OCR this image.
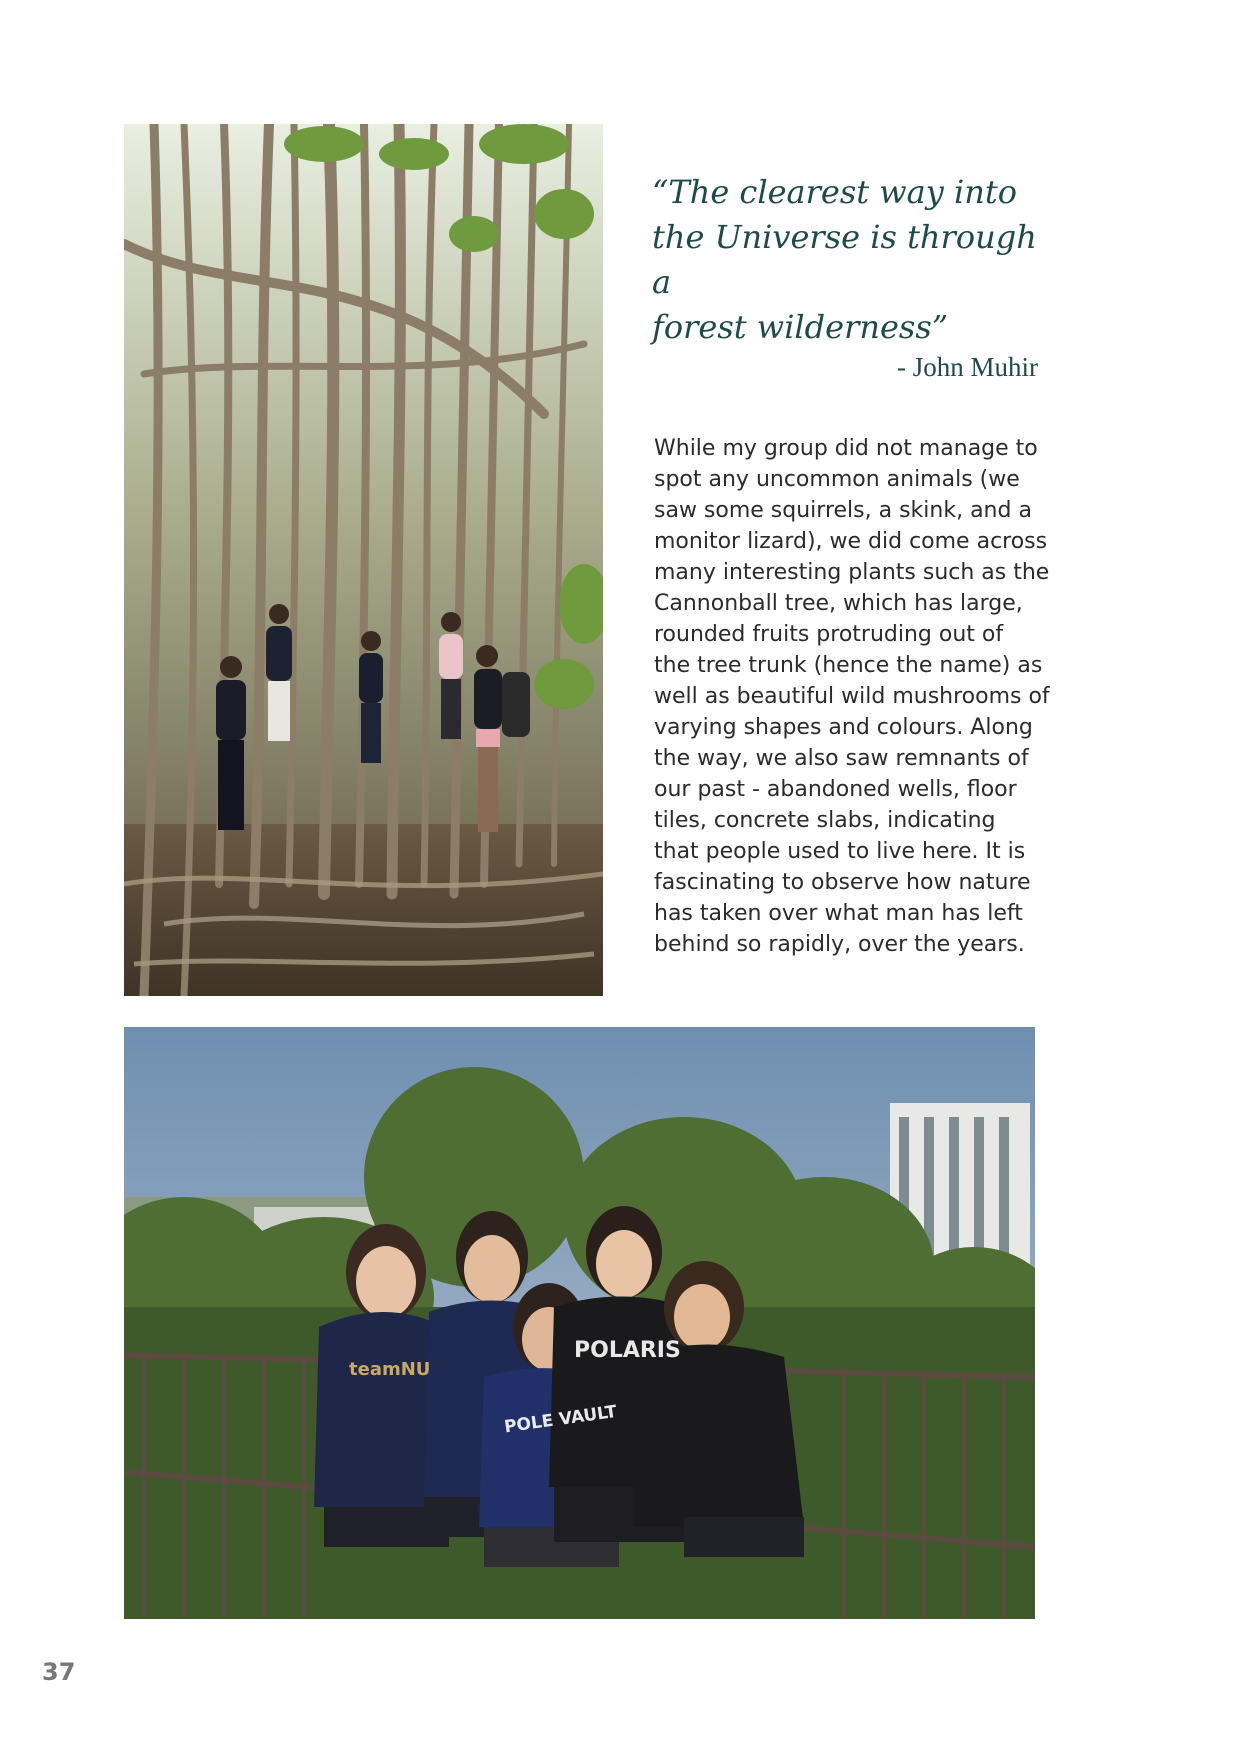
“The clearest way into
the Universe is through a
forest wilderness”

- John Muhir
While my group did not manage to
spot any uncommon animals (we
saw some squirrels, a skink, and a
monitor lizard), we did come across
many interesting plants such as the
Cannonball tree, which has large,
rounded fruits protruding out of
the tree trunk (hence the name) as
well as beautiful wild mushrooms of
varying shapes and colours. Along
the way, we also saw remnants of
our past - abandoned wells, floor
tiles, concrete slabs, indicating
that people used to live here. It is
fascinating to observe how nature
has taken over what man has left
behind so rapidly, over the years.
teamNU
POLE VAULT
POLARIS
37
